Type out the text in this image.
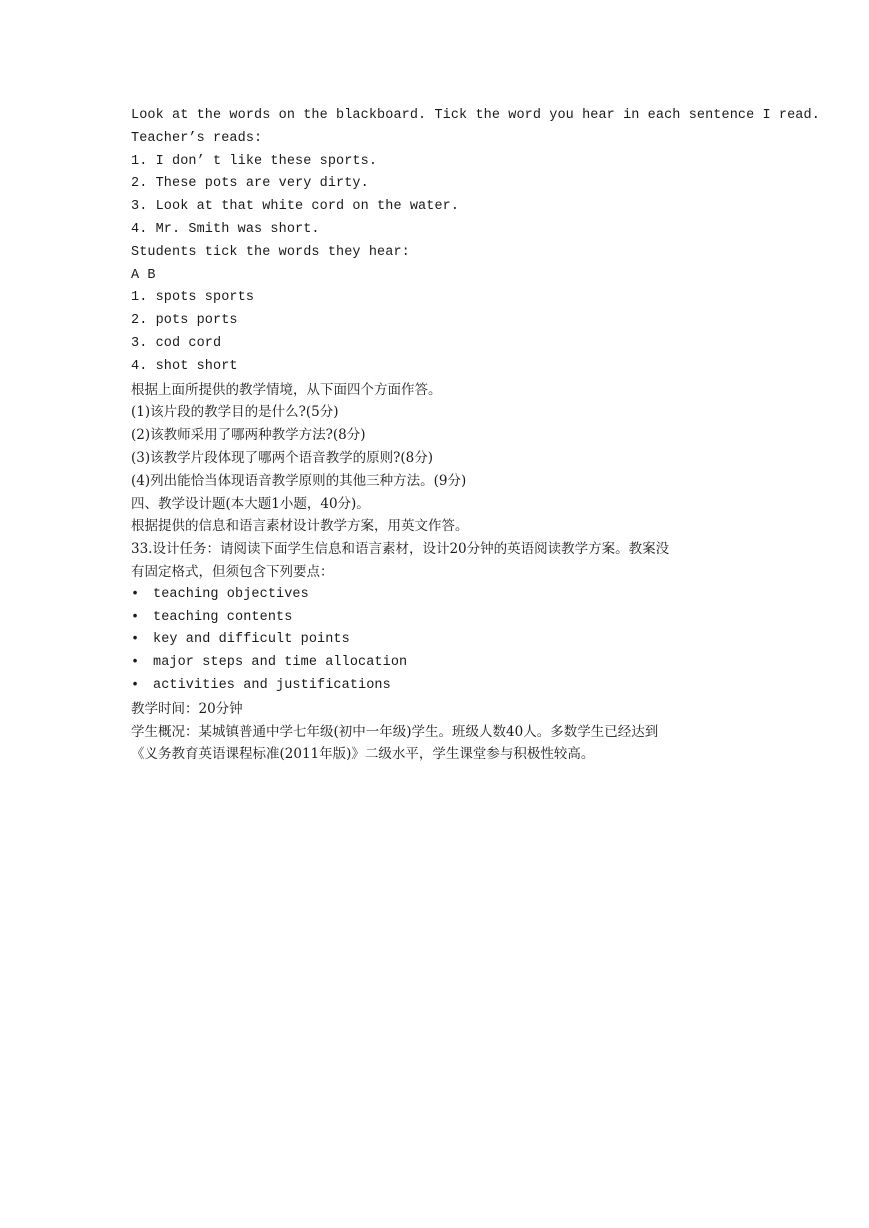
Look at the words on the blackboard. Tick the word you hear in each sentence I read.
Teacher’s reads:
1. I don’ t like these sports.
2. These pots are very dirty.
3. Look at that white cord on the water.
4. Mr. Smith was short.
Students tick the words they hear:
A B
1. spots sports
2. pots ports
3. cod cord
4. shot short
根据上面所提供的教学情境，从下面四个方面作答。
(1)该片段的教学目的是什么?(5分)
(2)该教师采用了哪两种教学方法?(8分)
(3)该教学片段体现了哪两个语音教学的原则?(8分)
(4)列出能恰当体现语音教学原则的其他三种方法。(9分)
四、教学设计题(本大题1小题，40分)。
根据提供的信息和语言素材设计教学方案，用英文作答。
33.设计任务：请阅读下面学生信息和语言素材，设计20分钟的英语阅读教学方案。教案没
有固定格式，但须包含下列要点：
• teaching objectives
• teaching contents
• key and difficult points
• major steps and time allocation
• activities and justifications
教学时间：20分钟
学生概况：某城镇普通中学七年级(初中一年级)学生。班级人数40人。多数学生已经达到
《义务教育英语课程标准(2011年版)》二级水平，学生课堂参与积极性较高。
